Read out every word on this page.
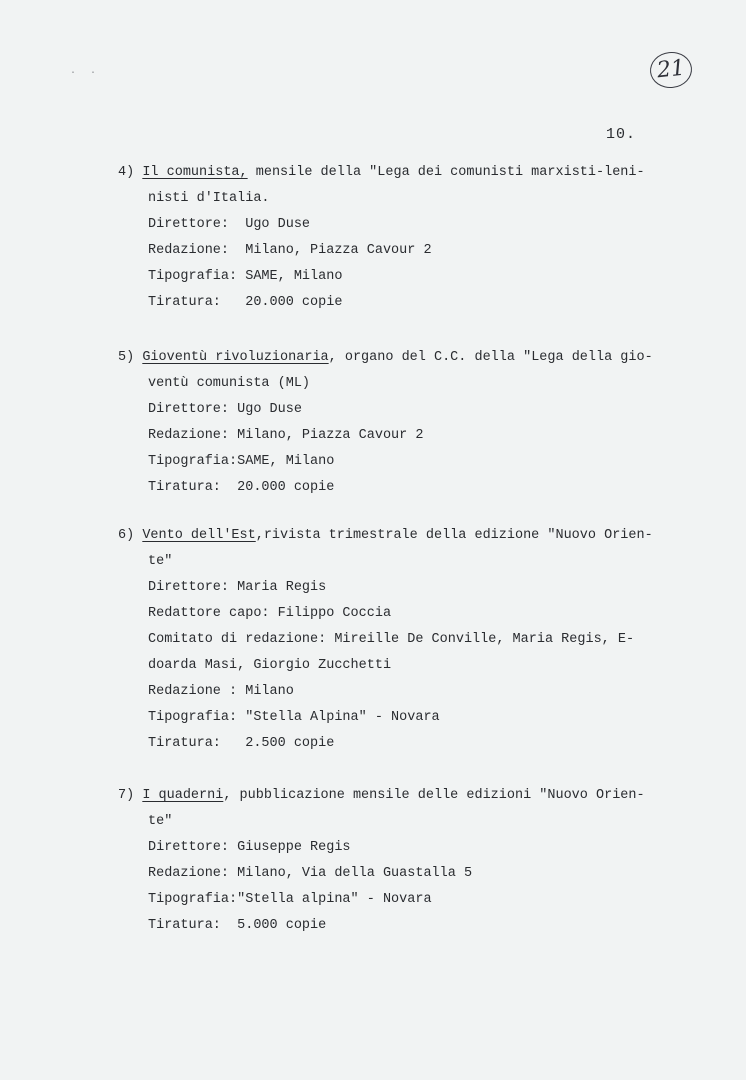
··	21
10.
4) Il comunista, mensile della "Lega dei comunisti marxisti-leni-
nisti d'Italia.
Direttore:  Ugo Duse
Redazione:  Milano, Piazza Cavour 2
Tipografia: SAME, Milano
Tiratura:   20.000 copie
5) Gioventù rivoluzionaria, organo del C.C. della "Lega della gio-
ventù comunista (ML)
Direttore: Ugo Duse
Redazione: Milano, Piazza Cavour 2
Tipografia:SAME, Milano
Tiratura:  20.000 copie
6) Vento dell'Est,rivista trimestrale della edizione "Nuovo Orien-
te"
Direttore: Maria Regis
Redattore capo: Filippo Coccia
Comitato di redazione: Mireille De Conville, Maria Regis, E-
doarda Masi, Giorgio Zucchetti
Redazione : Milano
Tipografia: "Stella Alpina" - Novara
Tiratura:   2.500 copie
7) I quaderni, pubblicazione mensile delle edizioni "Nuovo Orien-
te"
Direttore: Giuseppe Regis
Redazione: Milano, Via della Guastalla 5
Tipografia:"Stella alpina" - Novara
Tiratura:  5.000 copie
